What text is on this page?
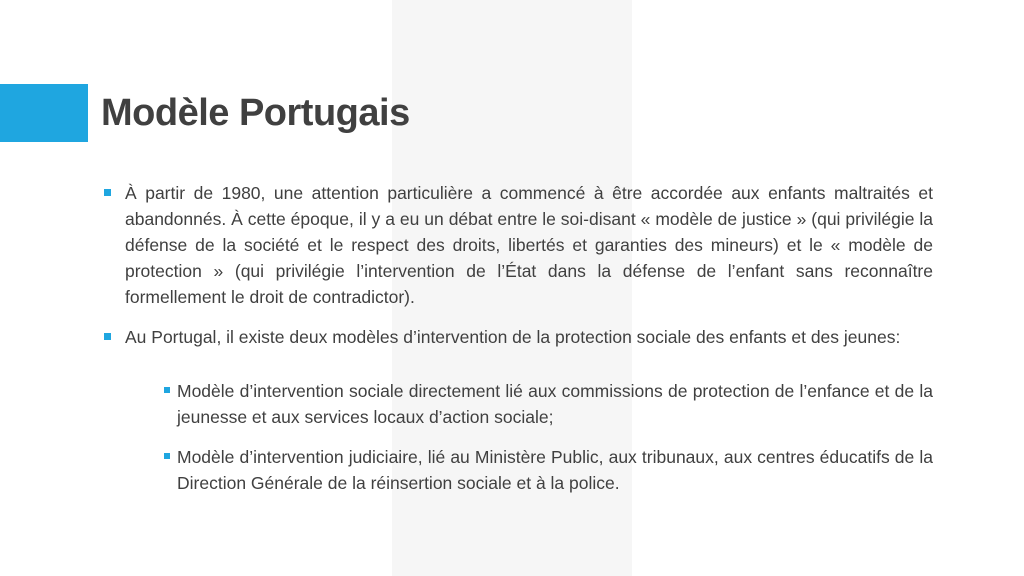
Modèle Portugais
À partir de 1980, une attention particulière a commencé à être accordée aux enfants maltraités et abandonnés. À cette époque, il y a eu un débat entre le soi-disant « modèle de justice » (qui privilégie la défense de la société et le respect des droits, libertés et garanties des mineurs) et le « modèle de protection » (qui privilégie l’intervention de l’État dans la défense de l’enfant sans reconnaître formellement le droit de contradictor).
Au Portugal, il existe deux modèles d’intervention de la protection sociale des enfants et des jeunes:
Modèle d’intervention sociale directement lié aux commissions de protection de l’enfance et de la jeunesse et aux services locaux d’action sociale;
Modèle d’intervention judiciaire, lié au Ministère Public, aux tribunaux, aux centres éducatifs de la Direction Générale de la réinsertion sociale et à la police.
